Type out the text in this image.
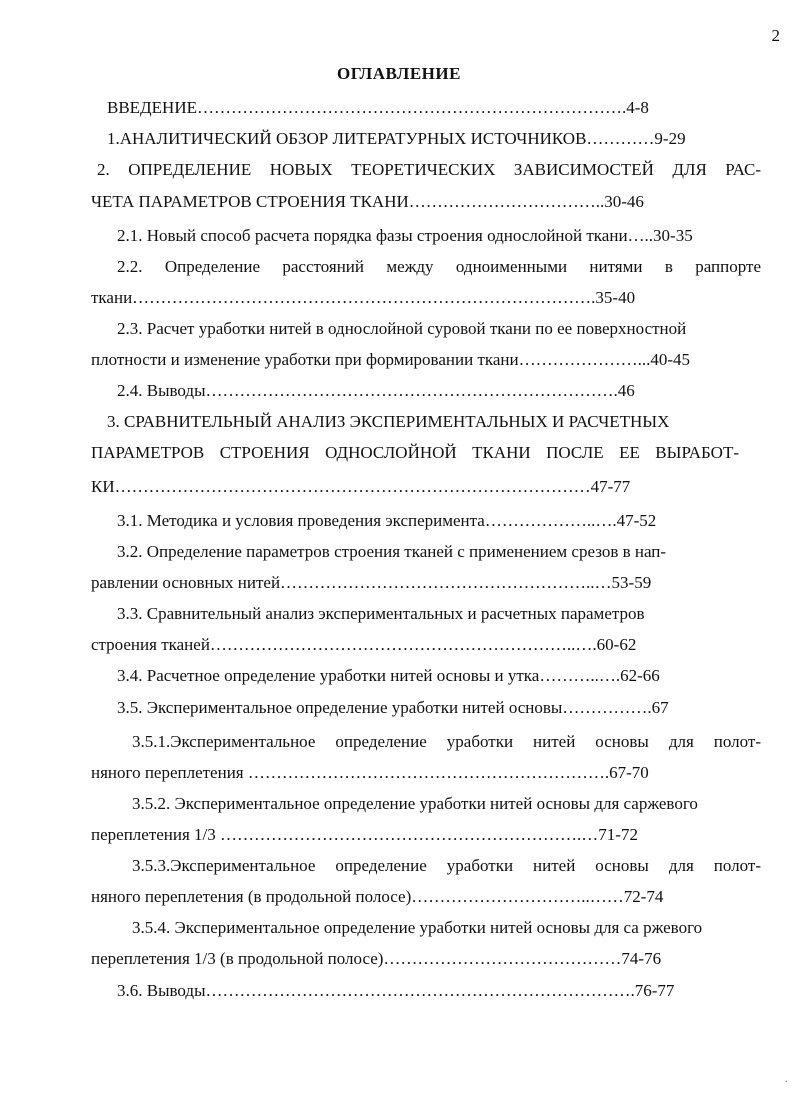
2
ОГЛАВЛЕНИЕ
ВВЕДЕНИЕ………………………………………………………………….4-8
1.АНАЛИТИЧЕСКИЙ ОБЗОР ЛИТЕРАТУРНЫХ ИСТОЧНИКОВ…………9-29
2. ОПРЕДЕЛЕНИЕ НОВЫХ ТЕОРЕТИЧЕСКИХ ЗАВИСИМОСТЕЙ ДЛЯ РАС-
ЧЕТА ПАРАМЕТРОВ СТРОЕНИЯ ТКАНИ……………………………..30-46
2.1. Новый способ расчета порядка фазы строения однослойной ткани…..30-35
2.2. Определение расстояний между одноименными нитями в раппорте
ткани……………………………………………………………………….35-40
2.3. Расчет уработки нитей в однослойной суровой ткани по ее поверхностной
плотности и изменение уработки при формировании ткани…………………...40-45
2.4. Выводы……………………………………………………………….46
3. СРАВНИТЕЛЬНЫЙ АНАЛИЗ ЭКСПЕРИМЕНТАЛЬНЫХ И РАСЧЕТНЫХ
ПАРАМЕТРОВ СТРОЕНИЯ ОДНОСЛОЙНОЙ ТКАНИ ПОСЛЕ ЕЕ ВЫРАБОТ-
КИ…………………………………………………………………………47-77
3.1. Методика и условия проведения эксперимента………………..….47-52
3.2. Определение параметров строения тканей с применением срезов в нап-
равлении основных нитей………………………………………………..…53-59
3.3. Сравнительный анализ экспериментальных и расчетных параметров
строения тканей………………………………………………………..….60-62
3.4. Расчетное определение уработки нитей основы и утка………..….62-66
3.5. Экспериментальное определение уработки нитей основы…………….67
3.5.1.Экспериментальное определение уработки нитей основы для полот-
няного переплетения ……………………………………………………….67-70
3.5.2. Экспериментальное определение уработки нитей основы для саржевого
переплетения 1/3 ……………………………………………………….…71-72
3.5.3.Экспериментальное определение уработки нитей основы для полот-
няного переплетения (в продольной полосе)…………………………..……72-74
3.5.4. Экспериментальное определение уработки нитей основы для са ржевого
переплетения 1/3 (в продольной полосе)……………………………………74-76
3.6. Выводы………………………………………………………………….76-77
·
